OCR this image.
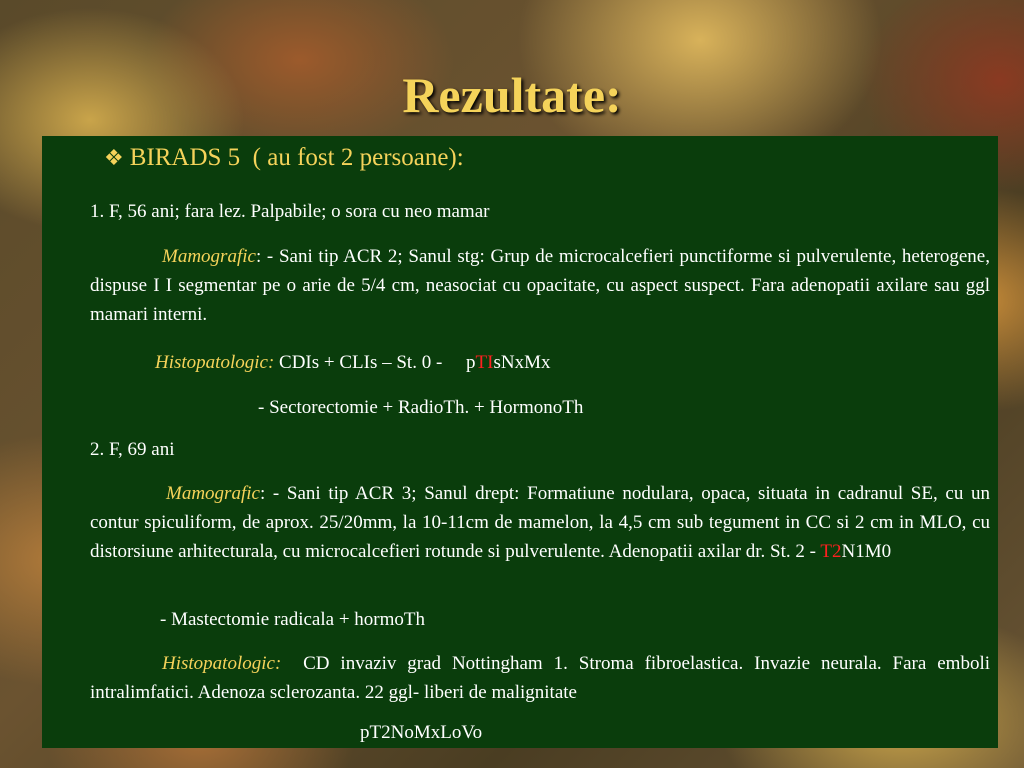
Rezultate:
❖ BIRADS 5  ( au fost 2 persoane):
1. F, 56 ani; fara lez. Palpabile; o sora cu neo mamar
Mamografic: - Sani tip ACR 2; Sanul stg: Grup de microcalcefieri punctiforme si pulverulente, heterogene, dispuse I I segmentar pe o arie de 5/4 cm, neasociat cu opacitate, cu aspect suspect. Fara adenopatii axilare sau ggl mamari interni.
Histopatologic: CDIs + CLIs – St. 0 -     pTIsNxMx
- Sectorectomie + RadioTh. + HormonoTh
2. F, 69 ani
Mamografic: - Sani tip ACR 3; Sanul drept: Formatiune nodulara, opaca, situata in cadranul SE, cu un contur spiculiform, de aprox. 25/20mm, la 10-11cm de mamelon, la 4,5 cm sub tegument in CC si 2 cm in MLO, cu distorsiune arhitecturala, cu microcalcefieri rotunde si pulverulente. Adenopatii axilar dr. St. 2 - T2N1M0
- Mastectomie radicala + hormoTh
Histopatologic:  CD invaziv grad Nottingham 1. Stroma fibroelastica. Invazie neurala. Fara emboli intralimfatici. Adenoza sclerozanta. 22 ggl- liberi de malignitate
pT2NoMxLoVo
